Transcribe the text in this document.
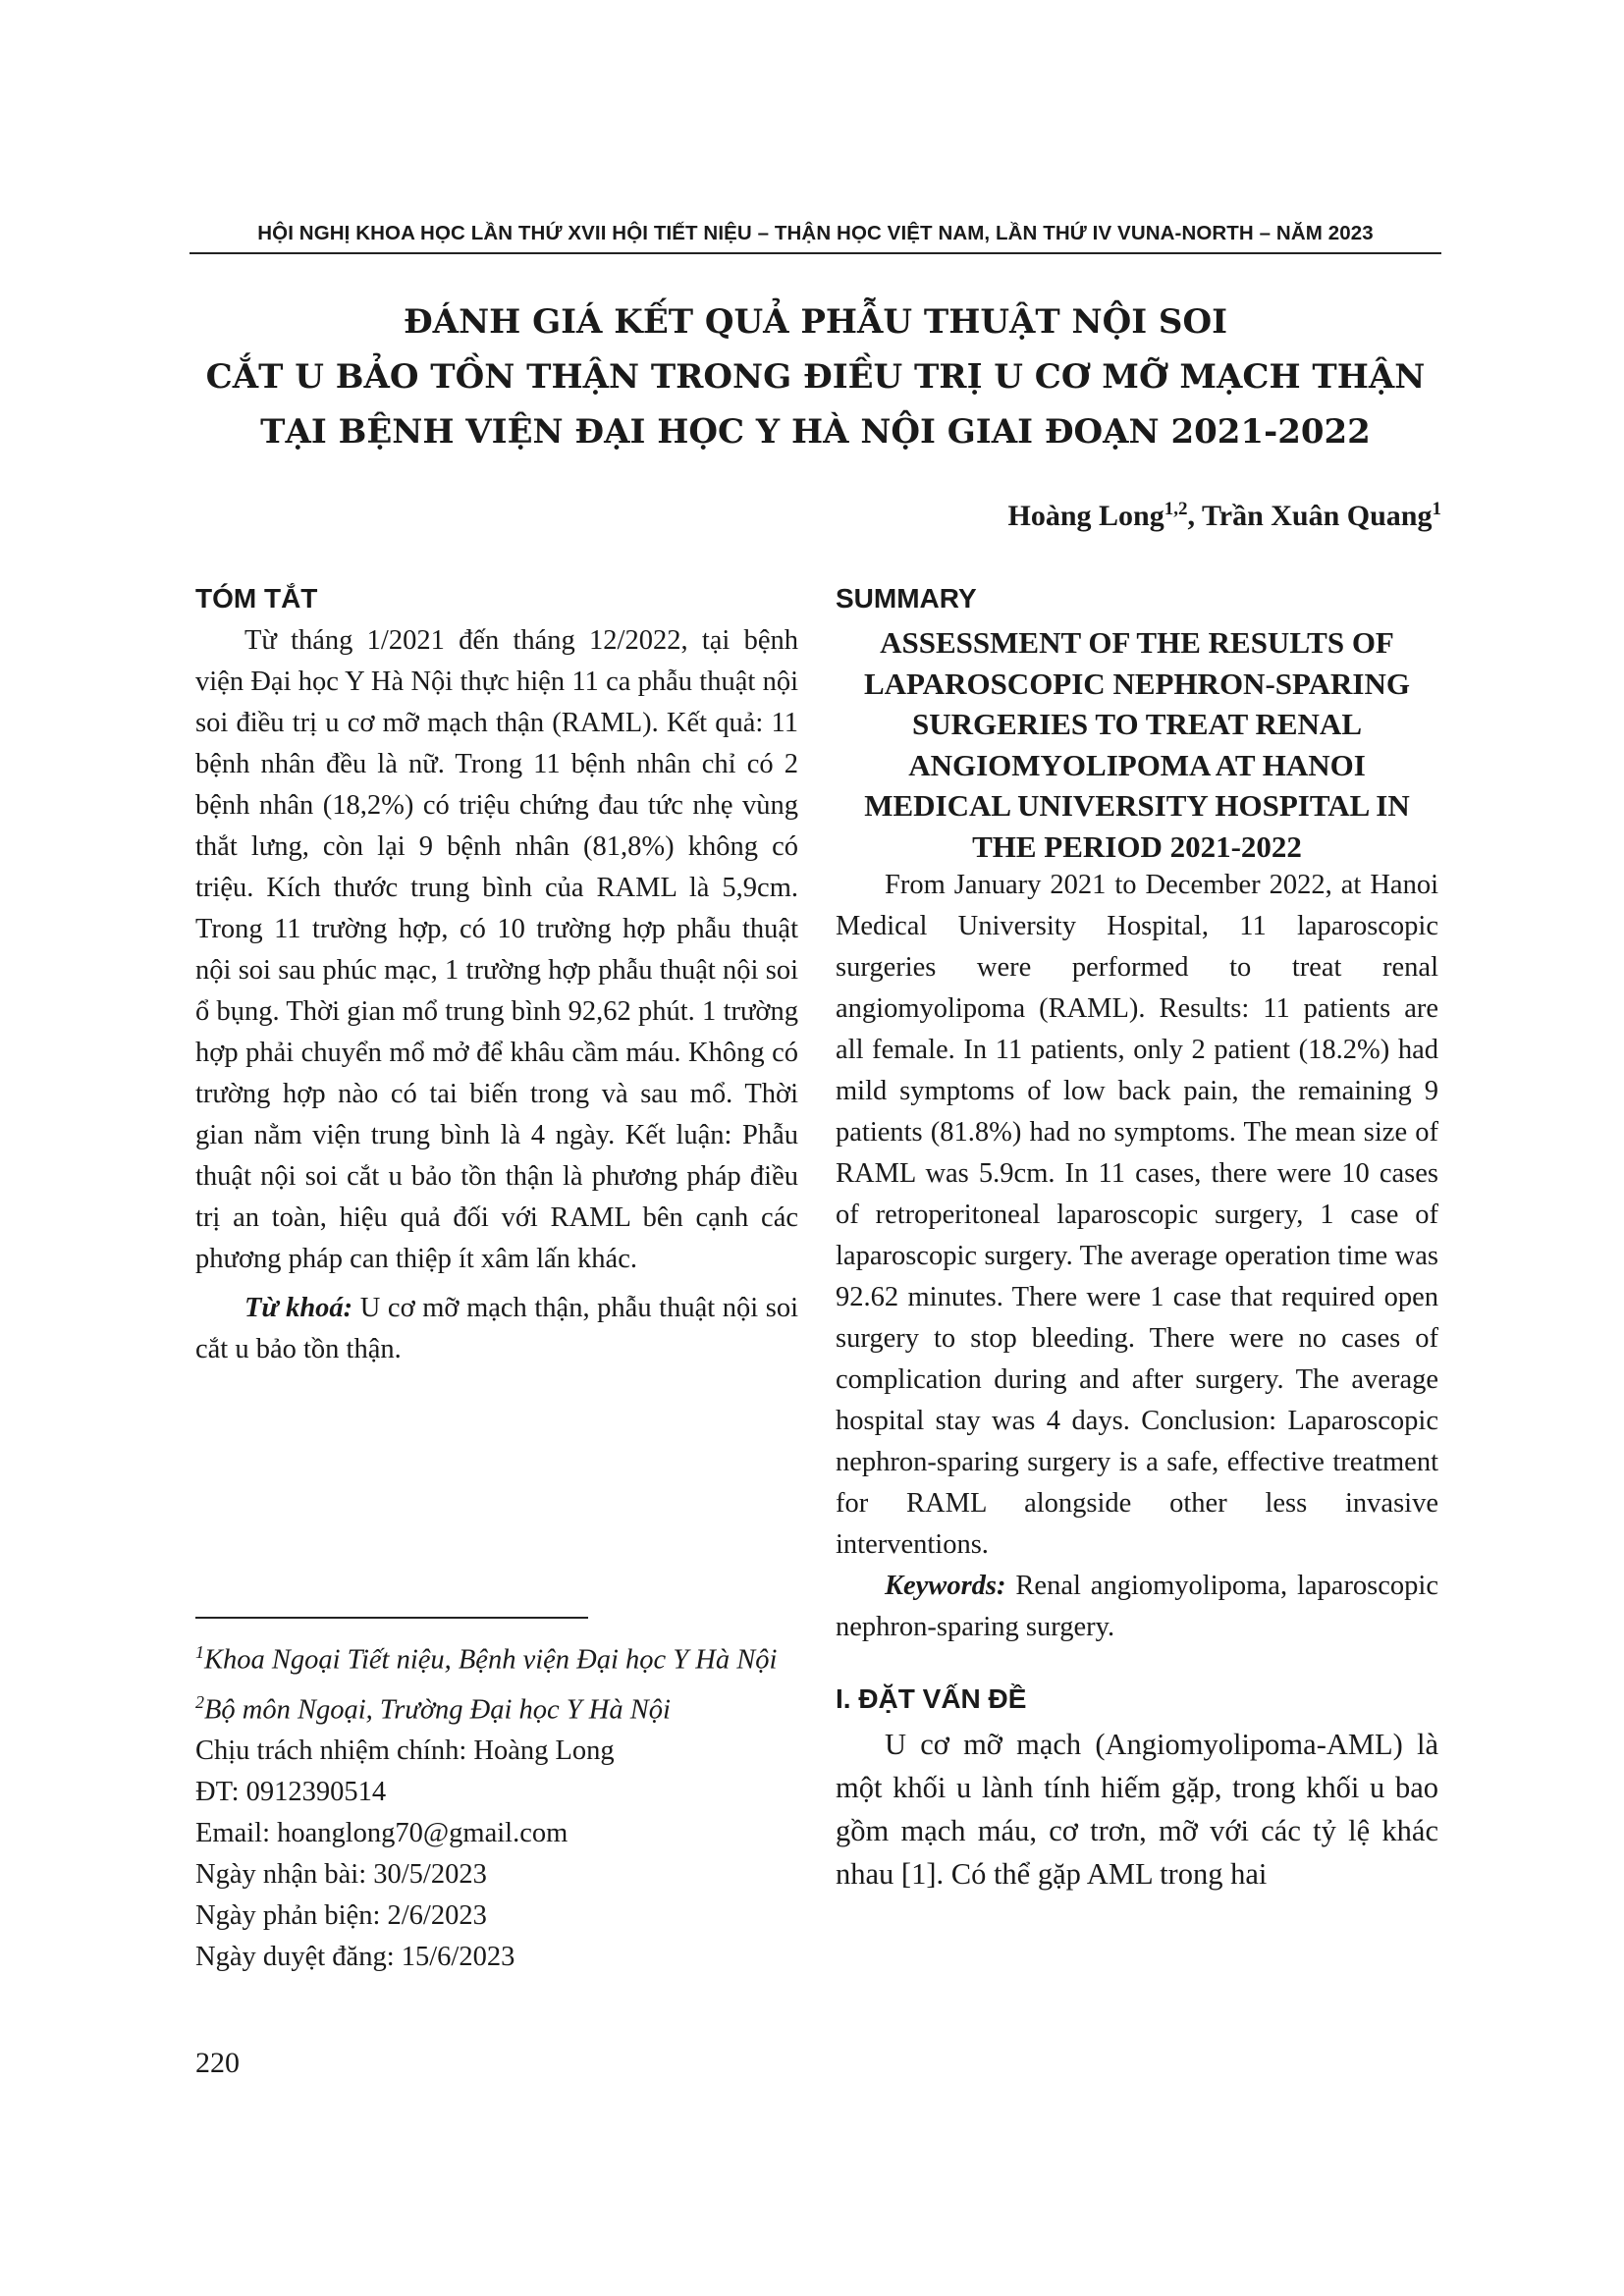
HỘI NGHỊ KHOA HỌC LẦN THỨ XVII HỘI TIẾT NIỆU – THẬN HỌC VIỆT NAM, LẦN THỨ IV VUNA-NORTH – NĂM 2023
ĐÁNH GIÁ KẾT QUẢ PHẪU THUẬT NỘI SOI
CẮT U BẢO TỒN THẬN TRONG ĐIỀU TRỊ U CƠ MỠ MẠCH THẬN
TẠI BỆNH VIỆN ĐẠI HỌC Y HÀ NỘI GIAI ĐOẠN 2021-2022
Hoàng Long$^{1,2}$, Trần Xuân Quang$^1$
TÓM TẮT

Từ tháng 1/2021 đến tháng 12/2022, tại bệnh viện Đại học Y Hà Nội thực hiện 11 ca phẫu thuật nội soi điều trị u cơ mỡ mạch thận (RAML). Kết quả: 11 bệnh nhân đều là nữ. Trong 11 bệnh nhân chỉ có 2 bệnh nhân (18,2%) có triệu chứng đau tức nhẹ vùng thắt lưng, còn lại 9 bệnh nhân (81,8%) không có triệu. Kích thước trung bình của RAML là 5,9cm. Trong 11 trường hợp, có 10 trường hợp phẫu thuật nội soi sau phúc mạc, 1 trường hợp phẫu thuật nội soi ổ bụng. Thời gian mổ trung bình 92,62 phút. 1 trường hợp phải chuyển mổ mở để khâu cầm máu. Không có trường hợp nào có tai biến trong và sau mổ. Thời gian nằm viện trung bình là 4 ngày. Kết luận: Phẫu thuật nội soi cắt u bảo tồn thận là phương pháp điều trị an toàn, hiệu quả đối với RAML bên cạnh các phương pháp can thiệp ít xâm lấn khác.

Từ khoá: U cơ mỡ mạch thận, phẫu thuật nội soi cắt u bảo tồn thận.

$^1$Khoa Ngoại Tiết niệu, Bệnh viện Đại học Y Hà Nội
$^2$Bộ môn Ngoại, Trường Đại học Y Hà Nội
Chịu trách nhiệm chính: Hoàng Long
ĐT: 0912390514
Email: hoanglong70@gmail.com
Ngày nhận bài: 30/5/2023
Ngày phản biện: 2/6/2023
Ngày duyệt đăng: 15/6/2023
SUMMARY
ASSESSMENT OF THE RESULTS OF
LAPAROSCOPIC NEPHRON-SPARING
SURGERIES TO TREAT RENAL
ANGIOMYOLIPOMA AT HANOI
MEDICAL UNIVERSITY HOSPITAL IN
THE PERIOD 2021-2022

From January 2021 to December 2022, at Hanoi Medical University Hospital, 11 laparoscopic surgeries were performed to treat renal angiomyolipoma (RAML). Results: 11 patients are all female. In 11 patients, only 2 patient (18.2%) had mild symptoms of low back pain, the remaining 9 patients (81.8%) had no symptoms. The mean size of RAML was 5.9cm. In 11 cases, there were 10 cases of retroperitoneal laparoscopic surgery, 1 case of laparoscopic surgery. The average operation time was 92.62 minutes. There were 1 case that required open surgery to stop bleeding. There were no cases of complication during and after surgery. The average hospital stay was 4 days. Conclusion: Laparoscopic nephron-sparing surgery is a safe, effective treatment for RAML alongside other less invasive interventions.

Keywords: Renal angiomyolipoma, laparoscopic nephron-sparing surgery.

I. ĐẶT VẤN ĐỀ

U cơ mỡ mạch (Angiomyolipoma-AML) là một khối u lành tính hiếm gặp, trong khối u bao gồm mạch máu, cơ trơn, mỡ với các tỷ lệ khác nhau [1]. Có thể gặp AML trong hai

220
